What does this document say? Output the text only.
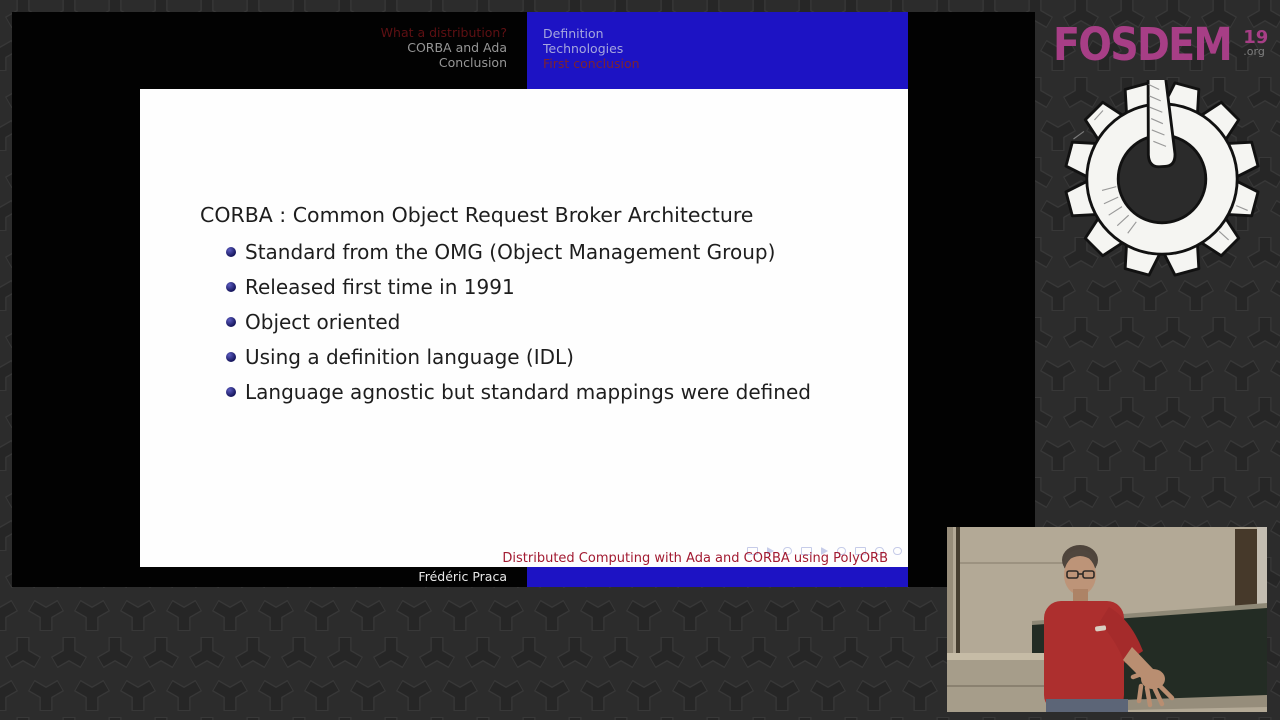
What a distribution?
CORBA and Ada
Conclusion
Definition
Technologies
First conclusion
CORBA : Common Object Request Broker Architecture
Standard from the OMG (Object Management Group)
Released first time in 1991
Object oriented
Using a definition language (IDL)
Language agnostic but standard mappings were defined
Distributed Computing with Ada and CORBA using PolyORB
Frédéric Praca
FOSDEM 19
.org
